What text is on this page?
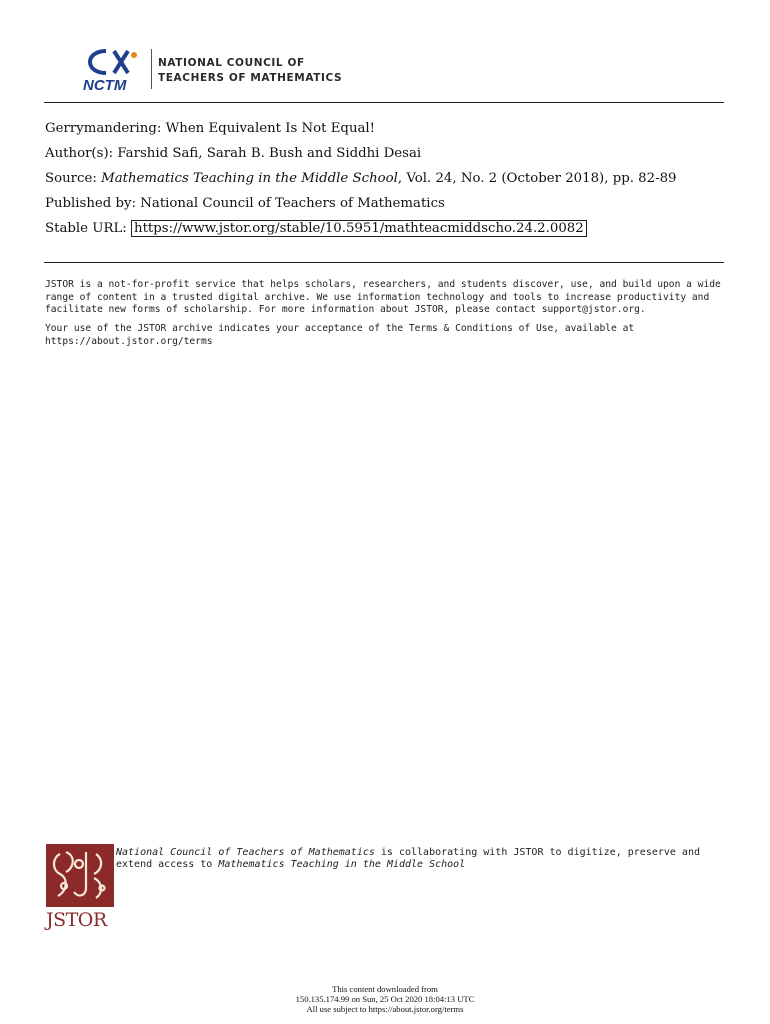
NCTM
NATIONAL COUNCIL OF
TEACHERS OF MATHEMATICS

Gerrymandering: When Equivalent Is Not Equal!

Author(s): Farshid Safi, Sarah B. Bush and Siddhi Desai

Source: Mathematics Teaching in the Middle School, Vol. 24, No. 2 (October 2018), pp. 82-89

Published by: National Council of Teachers of Mathematics

Stable URL: https://www.jstor.org/stable/10.5951/mathteacmiddscho.24.2.0082

JSTOR is a not-for-profit service that helps scholars, researchers, and students discover, use, and build upon a wide range of content in a trusted digital archive. We use information technology and tools to increase productivity and facilitate new forms of scholarship. For more information about JSTOR, please contact support@jstor.org.

Your use of the JSTOR archive indicates your acceptance of the Terms & Conditions of Use, available at https://about.jstor.org/terms

JSTOR
National Council of Teachers of Mathematics is collaborating with JSTOR to digitize, preserve and extend access to Mathematics Teaching in the Middle School
This content downloaded from
150.135.174.99 on Sun, 25 Oct 2020 18:04:13 UTC
All use subject to https://about.jstor.org/terms
